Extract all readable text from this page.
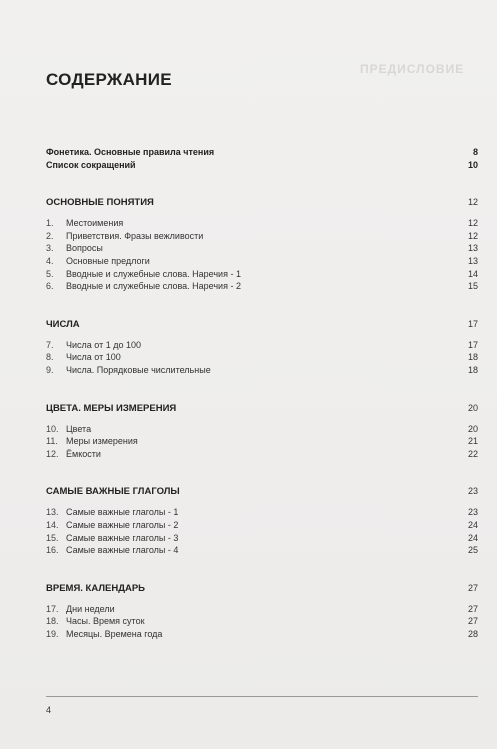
ПРЕДИСЛОВИЕ
СОДЕРЖАНИЕ
Фонетика. Основные правила чтения	8
Список сокращений	10
ОСНОВНЫЕ ПОНЯТИЯ	12
1. Местоимения	12
2. Приветствия. Фразы вежливости	12
3. Вопросы	13
4. Основные предлоги	13
5. Вводные и служебные слова. Наречия - 1	14
6. Вводные и служебные слова. Наречия - 2	15
ЧИСЛА	17
7. Числа от 1 до 100	17
8. Числа от 100	18
9. Числа. Порядковые числительные	18
ЦВЕТА. МЕРЫ ИЗМЕРЕНИЯ	20
10. Цвета	20
11. Меры измерения	21
12. Ёмкости	22
САМЫЕ ВАЖНЫЕ ГЛАГОЛЫ	23
13. Самые важные глаголы - 1	23
14. Самые важные глаголы - 2	24
15. Самые важные глаголы - 3	24
16. Самые важные глаголы - 4	25
ВРЕМЯ. КАЛЕНДАРЬ	27
17. Дни недели	27
18. Часы. Время суток	27
19. Месяцы. Времена года	28
4
